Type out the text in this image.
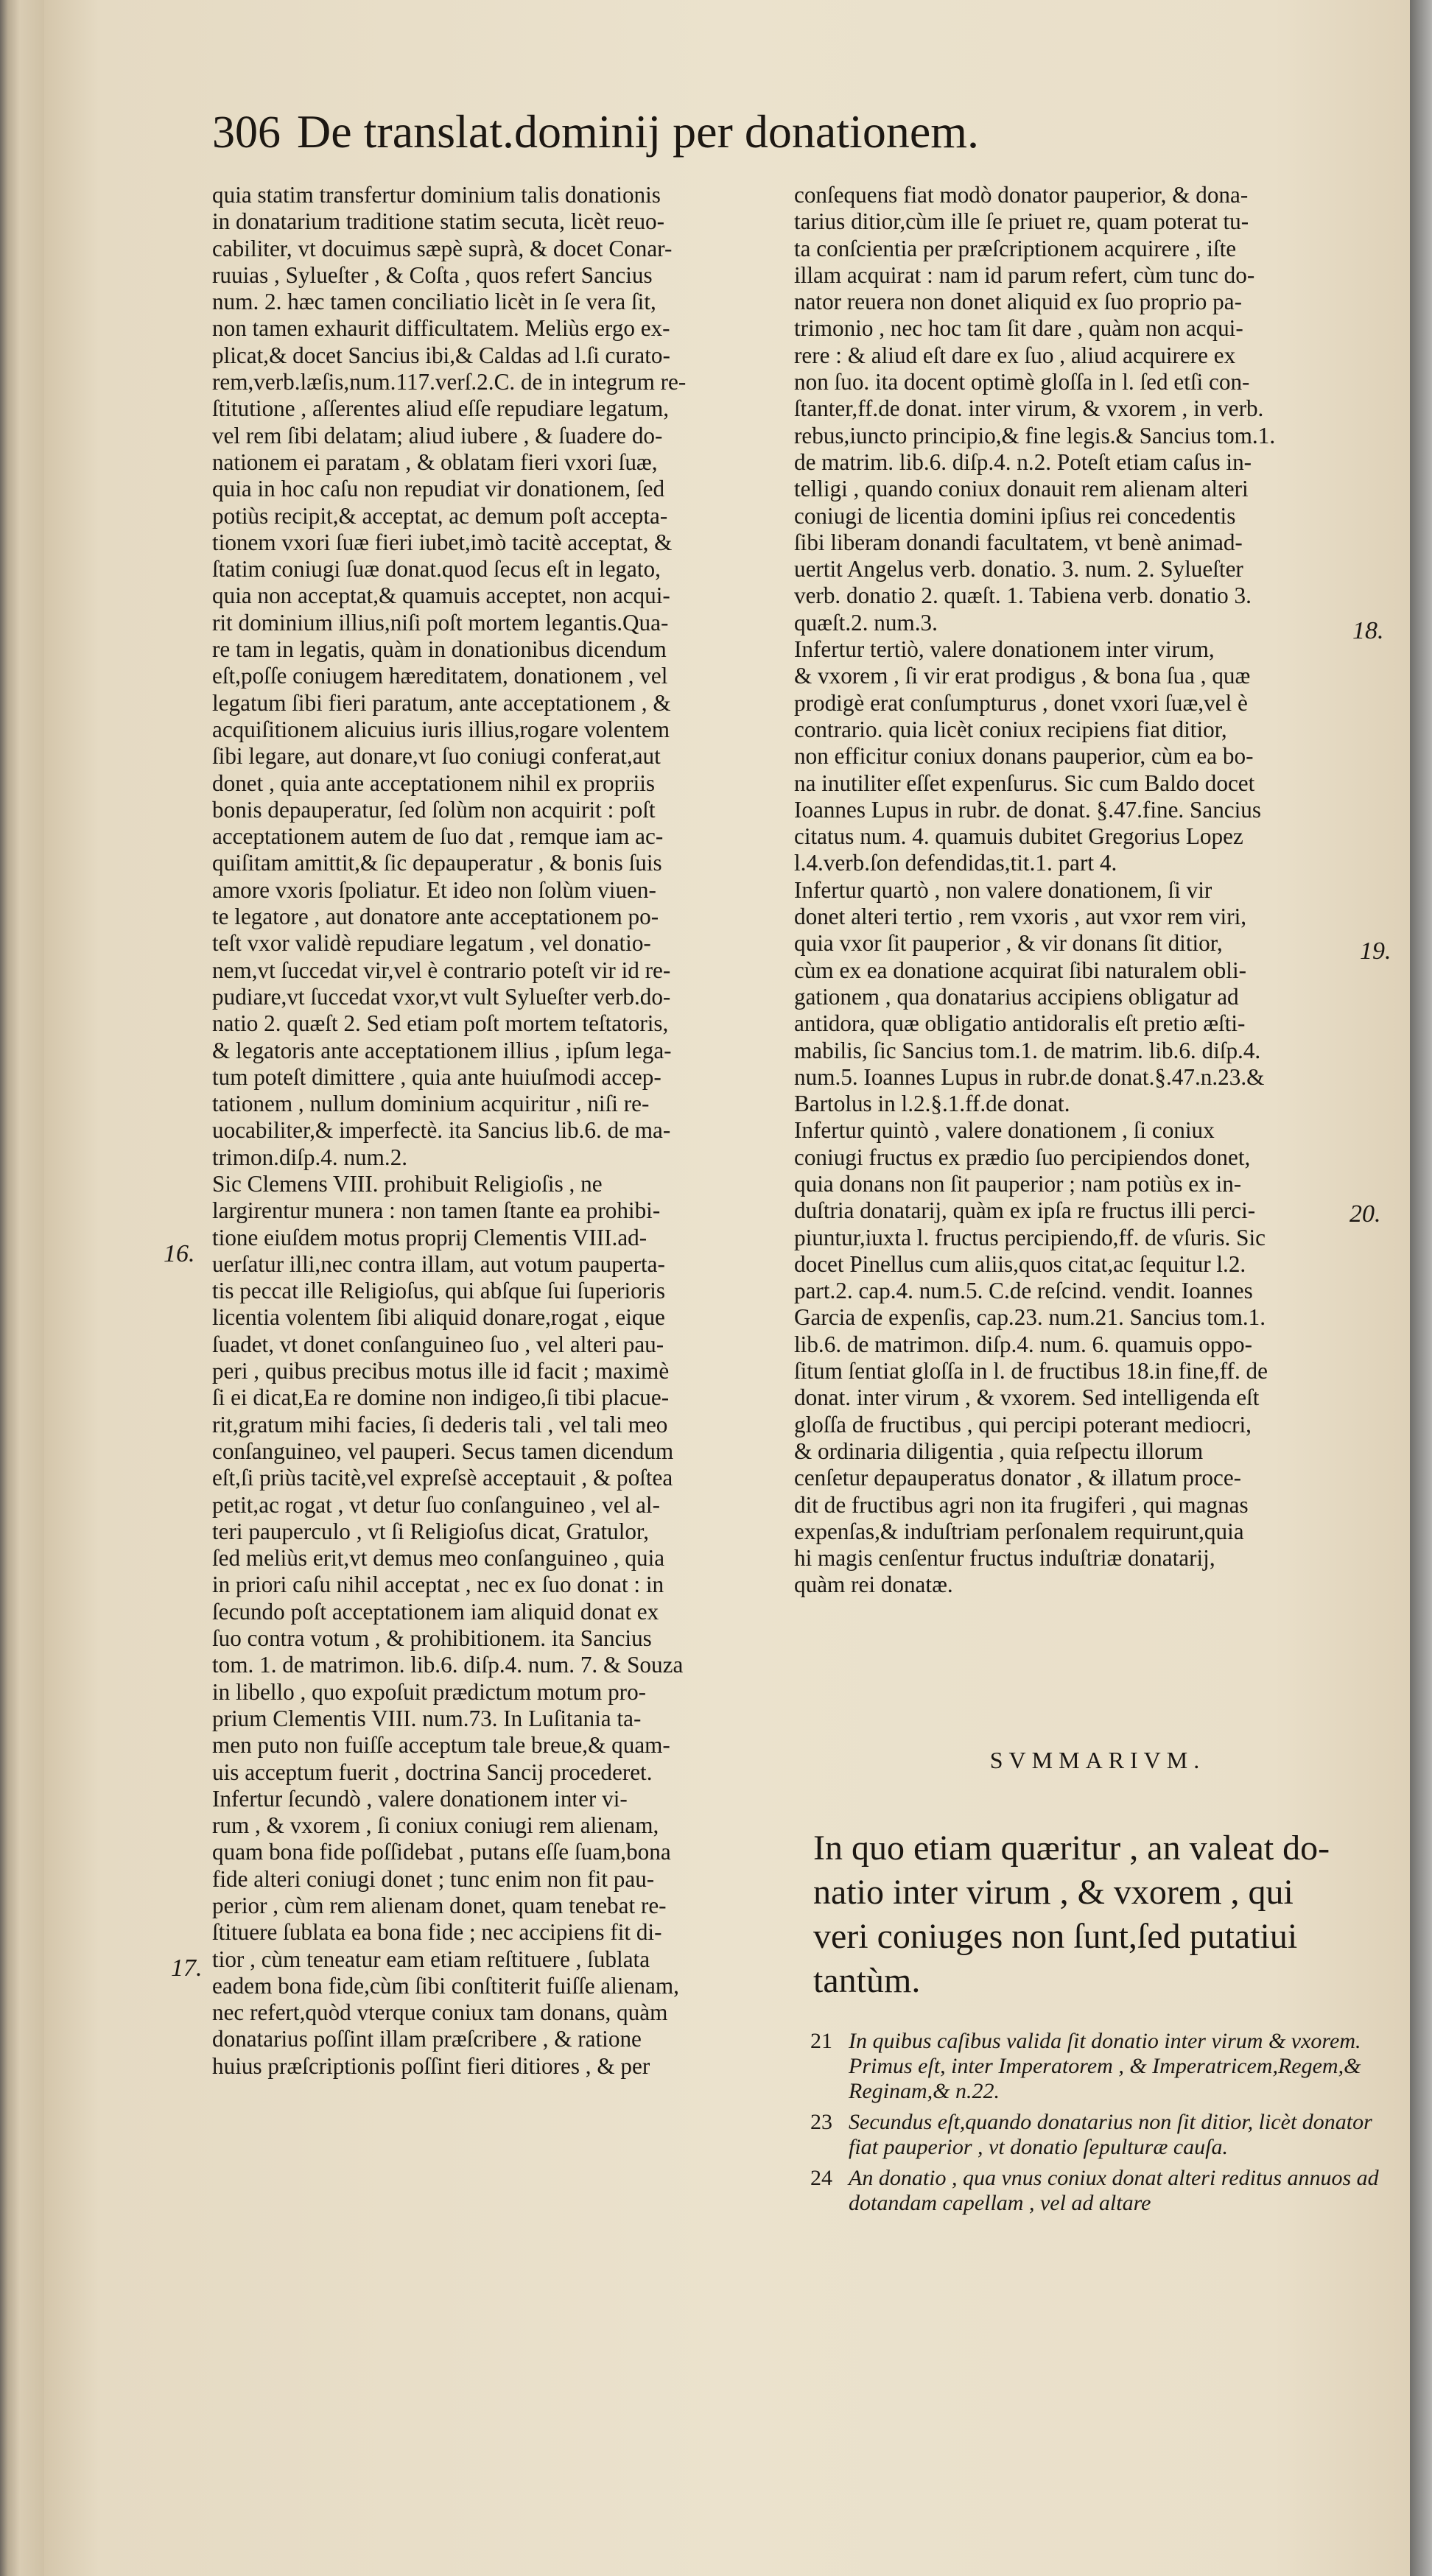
306 De translat.dominij per donationem.
quia statim transfertur dominium talis donationis
in donatarium traditione statim secuta, licèt reuo-
cabiliter, vt docuimus sæpè suprà, & docet Conar-
ruuias , Sylueſter , & Coſta , quos refert Sancius
num. 2. hæc tamen conciliatio licèt in ſe vera ſit,
non tamen exhaurit difficultatem. Meliùs ergo ex-
plicat,& docet Sancius ibi,& Caldas ad l.ſi curato-
rem,verb.læſis,num.117.verſ.2.C. de in integrum re-
ſtitutione , aſſerentes aliud eſſe repudiare legatum,
vel rem ſibi delatam; aliud iubere , & ſuadere do-
nationem ei paratam , & oblatam fieri vxori ſuæ,
quia in hoc caſu non repudiat vir donationem, ſed
potiùs recipit,& acceptat, ac demum poſt accepta-
tionem vxori ſuæ fieri iubet,imò tacitè acceptat, &
ſtatim coniugi ſuæ donat.quod ſecus eſt in legato,
quia non acceptat,& quamuis acceptet, non acqui-
rit dominium illius,niſi poſt mortem legantis.Qua-
re tam in legatis, quàm in donationibus dicendum
eſt,poſſe coniugem hæreditatem, donationem , vel
legatum ſibi fieri paratum, ante acceptationem , &
acquiſitionem alicuius iuris illius,rogare volentem
ſibi legare, aut donare,vt ſuo coniugi conferat,aut
donet , quia ante acceptationem nihil ex propriis
bonis depauperatur, ſed ſolùm non acquirit : poſt
acceptationem autem de ſuo dat , remque iam ac-
quiſitam amittit,& ſic depauperatur , & bonis ſuis
amore vxoris ſpoliatur. Et ideo non ſolùm viuen-
te legatore , aut donatore ante acceptationem po-
teſt vxor validè repudiare legatum , vel donatio-
nem,vt ſuccedat vir,vel è contrario poteſt vir id re-
pudiare,vt ſuccedat vxor,vt vult Sylueſter verb.do-
natio 2. quæſt 2. Sed etiam poſt mortem teſtatoris,
& legatoris ante acceptationem illius , ipſum lega-
tum poteſt dimittere , quia ante huiuſmodi accep-
tationem , nullum dominium acquiritur , niſi re-
uocabiliter,& imperfectè. ita Sancius lib.6. de ma-
trimon.diſp.4. num.2.
Sic Clemens VIII. prohibuit Religioſis , ne
largirentur munera : non tamen ſtante ea prohibi-
tione eiuſdem motus proprij Clementis VIII.ad-
uerſatur illi,nec contra illam, aut votum pauperta-
tis peccat ille Religioſus, qui abſque ſui ſuperioris
licentia volentem ſibi aliquid donare,rogat , eique
ſuadet, vt donet conſanguineo ſuo , vel alteri pau-
peri , quibus precibus motus ille id facit ; maximè
ſi ei dicat,Ea re domine non indigeo,ſi tibi placue-
rit,gratum mihi facies, ſi dederis tali , vel tali meo
conſanguineo, vel pauperi. Secus tamen dicendum
eſt,ſi priùs tacitè,vel expreſsè acceptauit , & poſtea
petit,ac rogat , vt detur ſuo conſanguineo , vel al-
teri pauperculo , vt ſi Religioſus dicat, Gratulor,
ſed meliùs erit,vt demus meo conſanguineo , quia
in priori caſu nihil acceptat , nec ex ſuo donat : in
ſecundo poſt acceptationem iam aliquid donat ex
ſuo contra votum , & prohibitionem. ita Sancius
tom. 1. de matrimon. lib.6. diſp.4. num. 7. & Souza
in libello , quo expoſuit prædictum motum pro-
prium Clementis VIII. num.73. In Luſitania ta-
men puto non fuiſſe acceptum tale breue,& quam-
uis acceptum fuerit , doctrina Sancij procederet.
Infertur ſecundò , valere donationem inter vi-
rum , & vxorem , ſi coniux coniugi rem alienam,
quam bona fide poſſidebat , putans eſſe ſuam,bona
fide alteri coniugi donet ; tunc enim non fit pau-
perior , cùm rem alienam donet, quam tenebat re-
ſtituere ſublata ea bona fide ; nec accipiens fit di-
tior , cùm teneatur eam etiam reſtituere , ſublata
eadem bona fide,cùm ſibi conſtiterit fuiſſe alienam,
nec refert,quòd vterque coniux tam donans, quàm
donatarius poſſint illam præſcribere , & ratione
huius præſcriptionis poſſint fieri ditiores , & per
conſequens fiat modò donator pauperior, & dona-
tarius ditior,cùm ille ſe priuet re, quam poterat tu-
ta conſcientia per præſcriptionem acquirere , iſte
illam acquirat : nam id parum refert, cùm tunc do-
nator reuera non donet aliquid ex ſuo proprio pa-
trimonio , nec hoc tam ſit dare , quàm non acqui-
rere : & aliud eſt dare ex ſuo , aliud acquirere ex
non ſuo. ita docent optimè gloſſa in l. ſed etſi con-
ſtanter,ff.de donat. inter virum, & vxorem , in verb.
rebus,iuncto principio,& fine legis.& Sancius tom.1.
de matrim. lib.6. diſp.4. n.2. Poteſt etiam caſus in-
telligi , quando coniux donauit rem alienam alteri
coniugi de licentia domini ipſius rei concedentis
ſibi liberam donandi facultatem, vt benè animad-
uertit Angelus verb. donatio. 3. num. 2. Sylueſter
verb. donatio 2. quæſt. 1. Tabiena verb. donatio 3.
quæſt.2. num.3.
Infertur tertiò, valere donationem inter virum,
& vxorem , ſi vir erat prodigus , & bona ſua , quæ
prodigè erat conſumpturus , donet vxori ſuæ,vel è
contrario. quia licèt coniux recipiens fiat ditior,
non efficitur coniux donans pauperior, cùm ea bo-
na inutiliter eſſet expenſurus. Sic cum Baldo docet
Ioannes Lupus in rubr. de donat. §.47.fine. Sancius
citatus num. 4. quamuis dubitet Gregorius Lopez
l.4.verb.ſon defendidas,tit.1. part 4.
Infertur quartò , non valere donationem, ſi vir
donet alteri tertio , rem vxoris , aut vxor rem viri,
quia vxor ſit pauperior , & vir donans ſit ditior,
cùm ex ea donatione acquirat ſibi naturalem obli-
gationem , qua donatarius accipiens obligatur ad
antidora, quæ obligatio antidoralis eſt pretio æſti-
mabilis, ſic Sancius tom.1. de matrim. lib.6. diſp.4.
num.5. Ioannes Lupus in rubr.de donat.§.47.n.23.&
Bartolus in l.2.§.1.ff.de donat.
Infertur quintò , valere donationem , ſi coniux
coniugi fructus ex prædio ſuo percipiendos donet,
quia donans non ſit pauperior ; nam potiùs ex in-
duſtria donatarij, quàm ex ipſa re fructus illi perci-
piuntur,iuxta l. fructus percipiendo,ff. de vſuris. Sic
docet Pinellus cum aliis,quos citat,ac ſequitur l.2.
part.2. cap.4. num.5. C.de reſcind. vendit. Ioannes
Garcia de expenſis, cap.23. num.21. Sancius tom.1.
lib.6. de matrimon. diſp.4. num. 6. quamuis oppo-
ſitum ſentiat gloſſa in l. de fructibus 18.in fine,ff. de
donat. inter virum , & vxorem. Sed intelligenda eſt
gloſſa de fructibus , qui percipi poterant mediocri,
& ordinaria diligentia , quia reſpectu illorum
cenſetur depauperatus donator , & illatum proce-
dit de fructibus agri non ita frugiferi , qui magnas
expenſas,& induſtriam perſonalem requirunt,quia
hi magis cenſentur fructus induſtriæ donatarij,
quàm rei donatæ.
16.
17.
18.
19.
20.
SVMMARIVM.
In quo etiam quæritur , an valeat do-
natio inter virum , & vxorem , qui
veri coniuges non ſunt,ſed putatiui
tantùm.
21 In quibus caſibus valida ſit donatio inter virum & vxorem. Primus eſt, inter Imperatorem , & Imperatricem,Regem,& Reginam,& n.22.
23 Secundus eſt,quando donatarius non ſit ditior, licèt donator fiat pauperior , vt donatio ſepulturæ cauſa.
24 An donatio , qua vnus coniux donat alteri reditus annuos ad dotandam capellam , vel ad altare
